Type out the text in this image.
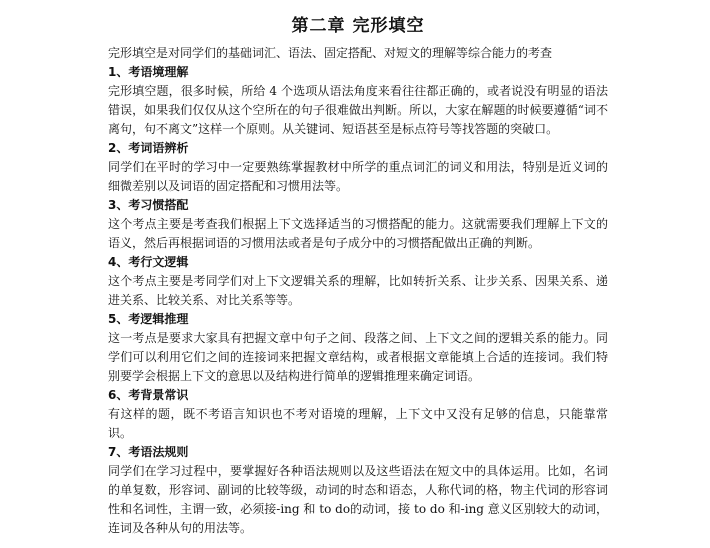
第二章 完形填空

完形填空是对同学们的基础词汇、语法、固定搭配、对短文的理解等综合能力的考查

1、考语境理解

完形填空题，很多时候，所给 4 个选项从语法角度来看往往都正确的，或者说没有明显的语法错误，如果我们仅仅从这个空所在的句子很难做出判断。所以，大家在解题的时候要遵循“词不离句，句不离文”这样一个原则。从关键词、短语甚至是标点符号等找答题的突破口。

2、考词语辨析

同学们在平时的学习中一定要熟练掌握教材中所学的重点词汇的词义和用法，特别是近义词的细微差别以及词语的固定搭配和习惯用法等。

3、考习惯搭配

这个考点主要是考查我们根据上下文选择适当的习惯搭配的能力。这就需要我们理解上下文的语义，然后再根据词语的习惯用法或者是句子成分中的习惯搭配做出正确的判断。

4、考行文逻辑

这个考点主要是考同学们对上下文逻辑关系的理解，比如转折关系、让步关系、因果关系、递进关系、比较关系、对比关系等等。

5、考逻辑推理

这一考点是要求大家具有把握文章中句子之间、段落之间、上下文之间的逻辑关系的能力。同学们可以利用它们之间的连接词来把握文章结构，或者根据文章能填上合适的连接词。我们特别要学会根据上下文的意思以及结构进行简单的逻辑推理来确定词语。

6、考背景常识

有这样的题，既不考语言知识也不考对语境的理解，上下文中又没有足够的信息，只能靠常识。

7、考语法规则

同学们在学习过程中，要掌握好各种语法规则以及这些语法在短文中的具体运用。比如，名词的单复数，形容词、副词的比较等级，动词的时态和语态，人称代词的格，物主代词的形容词性和名词性，主谓一致，必须接-ing 和 to do的动词，接 to do 和-ing 意义区别较大的动词，连词及各种从句的用法等。
